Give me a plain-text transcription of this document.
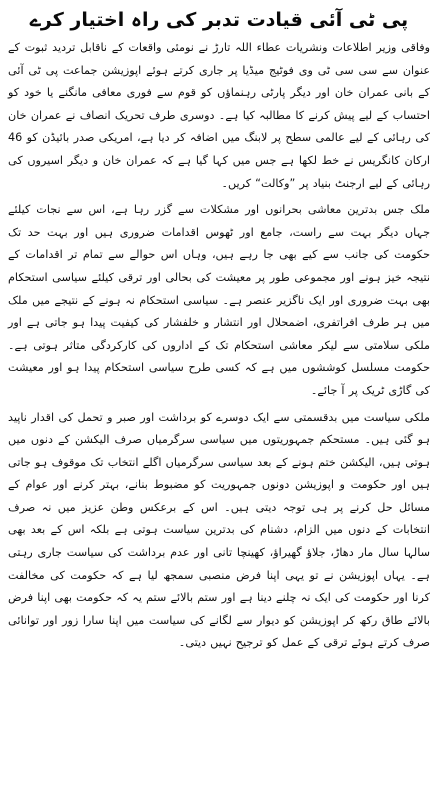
پی ٹی آئی قیادت تدبر کی راہ اختیار کرے

وفاقی وزیر اطلاعات ونشریات عطاء اللہ تارڑ نے نومئی واقعات کے ناقابل تردید ثبوت کے عنوان سے سی سی ٹی وی فوٹیج میڈیا پر جاری کرتے ہوئے اپوزیشن جماعت پی ٹی آئی کے بانی عمران خان اور دیگر پارٹی رہنماؤں کو قوم سے فوری معافی مانگنے یا خود کو احتساب کے لیے پیش کرنے کا مطالبہ کیا ہے۔ دوسری طرف تحریک انصاف نے عمران خان کی رہائی کے لیے عالمی سطح پر لابنگ میں اضافہ کر دیا ہے، امریکی صدر بائیڈن کو 46 ارکان کانگریس نے خط لکھا ہے جس میں کہا گیا ہے کہ عمران خان و دیگر اسیروں کی رہائی کے لیے ارجنٹ بنیاد پر ”وکالت“ کریں۔

ملک جس بدترین معاشی بحرانوں اور مشکلات سے گزر رہا ہے، اس سے نجات کیلئے جہاں دیگر بہت سے راست، جامع اور ٹھوس اقدامات ضروری ہیں اور بہت حد تک حکومت کی جانب سے کیے بھی جا رہے ہیں، وہاں اس حوالے سے تمام تر اقدامات کے نتیجہ خیز ہونے اور مجموعی طور پر معیشت کی بحالی اور ترقی کیلئے سیاسی استحکام بھی بہت ضروری اور ایک ناگزیر عنصر ہے۔ سیاسی استحکام نہ ہونے کے نتیجے میں ملک میں ہر طرف افراتفری، اضمحلال اور انتشار و خلفشار کی کیفیت پیدا ہو جاتی ہے اور ملکی سلامتی سے لیکر معاشی استحکام تک کے اداروں کی کارکردگی متاثر ہوتی ہے۔ حکومت مسلسل کوششوں میں ہے کہ کسی طرح سیاسی استحکام پیدا ہو اور معیشت کی گاڑی ٹریک پر آ جائے۔

ملکی سیاست میں بدقسمتی سے ایک دوسرے کو برداشت اور صبر و تحمل کی اقدار ناپید ہو گئی ہیں۔ مستحکم جمہوریتوں میں سیاسی سرگرمیاں صرف الیکشن کے دنوں میں ہوتی ہیں، الیکشن ختم ہونے کے بعد سیاسی سرگرمیاں اگلے انتخاب تک موقوف ہو جاتی ہیں اور حکومت و اپوزیشن دونوں جمہوریت کو مضبوط بنانے، بہتر کرنے اور عوام کے مسائل حل کرنے پر ہی توجہ دیتی ہیں۔ اس کے برعکس وطن عزیز میں نہ صرف انتخابات کے دنوں میں الزام، دشنام کی بدترین سیاست ہوتی ہے بلکہ اس کے بعد بھی سالہا سال مار دھاڑ، جلاؤ گھیراؤ، کھینچا تانی اور عدم برداشت کی سیاست جاری رہتی ہے۔ یہاں اپوزیشن نے تو یہی اپنا فرض منصبی سمجھ لیا ہے کہ حکومت کی مخالفت کرنا اور حکومت کی ایک نہ چلنے دینا ہے اور ستم بالائے ستم یہ کہ حکومت بھی اپنا فرض بالائے طاق رکھ کر اپوزیشن کو دیوار سے لگانے کی سیاست میں اپنا سارا زور اور توانائی صرف کرتے ہوئے ترقی کے عمل کو ترجیح نہیں دیتی۔
